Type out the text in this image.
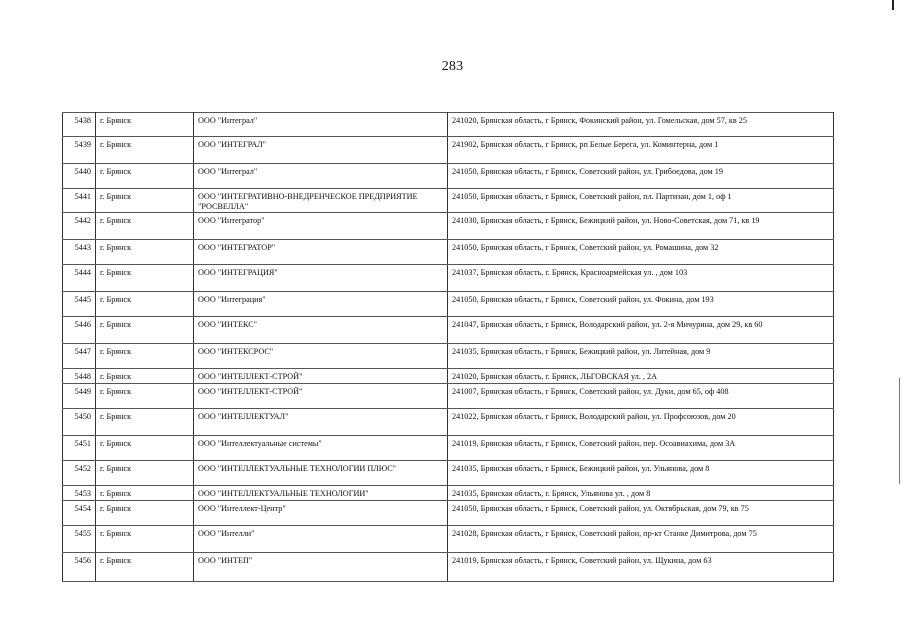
283
5438	г. Брянск	ООО "Интеграл"	241020, Брянская область, г Брянск, Фокинский район, ул. Гомельская, дом 57, кв 25
5439	г. Брянск	ООО "ИНТЕГРАЛ"	241902, Брянская область, г Брянск, рп Белые Берега, ул. Коминтерна, дом 1
5440	г. Брянск	ООО "Интеграл"	241050, Брянская область, г Брянск, Советский район, ул. Грибоедова, дом 19
5441	г. Брянск	ООО "ИНТЕГРАТИВНО-ВНЕДРЕНЧЕСКОЕ ПРЕДПРИЯТИЕ "РОСВЕЛЛА"	241050, Брянская область, г Брянск, Советский район, пл. Партизан, дом 1, оф 1
5442	г. Брянск	ООО "Интегратор"	241030, Брянская область, г Брянск, Бежицкий район, ул. Ново-Советская, дом 71, кв 19
5443	г. Брянск	ООО "ИНТЕГРАТОР"	241050, Брянская область, г Брянск, Советский район, ул. Ромашина, дом 32
5444	г. Брянск	ООО "ИНТЕГРАЦИЯ"	241037, Брянская область, г. Брянск, Красноармейская ул. , дом 103
5445	г. Брянск	ООО "Интеграция"	241050, Брянская область, г Брянск, Советский район, ул. Фокина, дом 193
5446	г. Брянск	ООО "ИНТЕКС"	241047, Брянская область, г Брянск, Володарский район, ул. 2-я Мичурина, дом 29, кв 60
5447	г. Брянск	ООО "ИНТЕКСРОС"	241035, Брянская область, г Брянск, Бежицкий район, ул. Литейная, дом 9
5448	г. Брянск	ООО "ИНТЕЛЛЕКТ-СТРОЙ"	241020, Брянская область, г. Брянск, ЛЬГОВСКАЯ ул. , 2А
5449	г. Брянск	ООО "ИНТЕЛЛЕКТ-СТРОЙ"	241007, Брянская область, г Брянск, Советский район, ул. Дуки, дом 65, оф 408
5450	г. Брянск	ООО "ИНТЕЛЛЕКТУАЛ"	241022, Брянская область, г Брянск, Володарский район, ул. Профсоюзов, дом 20
5451	г. Брянск	ООО "Интеллектуальные системы"	241019, Брянская область, г Брянск, Советский район, пер. Осоавиахима, дом 3А
5452	г. Брянск	ООО "ИНТЕЛЛЕКТУАЛЬНЫЕ ТЕХНОЛОГИИ ПЛЮС"	241035, Брянская область, г Брянск, Бежицкий район, ул. Ульянова, дом 8
5453	г. Брянск	ООО "ИНТЕЛЛЕКТУАЛЬНЫЕ ТЕХНОЛОГИИ"	241035, Брянская область, г. Брянск, Ульянова ул. , дом 8
5454	г. Брянск	ООО "Интеллект-Центр"	241050, Брянская область, г Брянск, Советский район, ул. Октябрьская, дом 79, кв 75
5455	г. Брянск	ООО "Интелли"	241028, Брянская область, г Брянск, Советский район, пр-кт Станке Димитрова, дом 75
5456	г. Брянск	ООО "ИНТЕП"	241019, Брянская область, г Брянск, Советский район, ул. Щукина, дом 63
